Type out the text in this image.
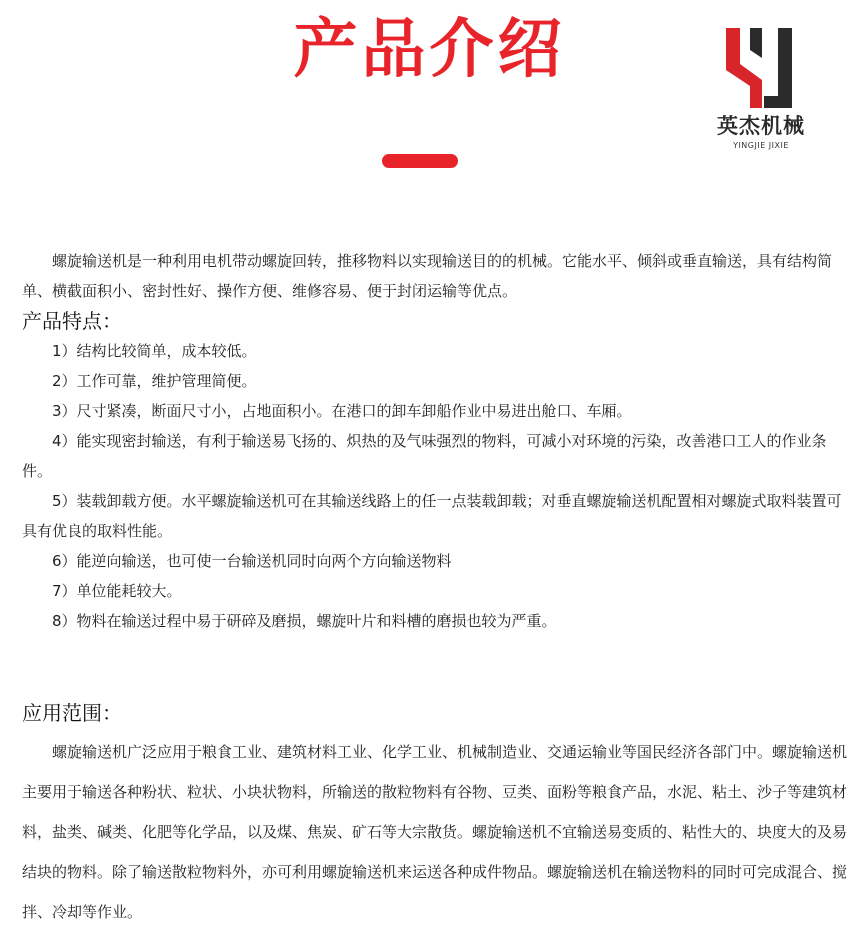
产品介绍
英杰机械
YINGJIE JIXIE
螺旋输送机是一种利用电机带动螺旋回转，推移物料以实现输送目的的机械。它能水平、倾斜或垂直输送，具有结构简单、横截面积小、密封性好、操作方便、维修容易、便于封闭运输等优点。
产品特点：

1）结构比较简单，成本较低。

2）工作可靠，维护管理简便。

3）尺寸紧凑，断面尺寸小，占地面积小。在港口的卸车卸船作业中易进出舱口、车厢。

4）能实现密封输送，有利于输送易飞扬的、炽热的及气味强烈的物料，可减小对环境的污染，改善港口工人的作业条件。

5）装载卸载方便。水平螺旋输送机可在其输送线路上的任一点装载卸载；对垂直螺旋输送机配置相对螺旋式取料装置可具有优良的取料性能。

6）能逆向输送，也可使一台输送机同时向两个方向输送物料

7）单位能耗较大。

8）物料在输送过程中易于研碎及磨损，螺旋叶片和料槽的磨损也较为严重。

应用范围：
螺旋输送机广泛应用于粮食工业、建筑材料工业、化学工业、机械制造业、交通运输业等国民经济各部门中。螺旋输送机主要用于输送各种粉状、粒状、小块状物料，所输送的散粒物料有谷物、豆类、面粉等粮食产品，水泥、粘土、沙子等建筑材料，盐类、碱类、化肥等化学品，以及煤、焦炭、矿石等大宗散货。螺旋输送机不宜输送易变质的、粘性大的、块度大的及易结块的物料。除了输送散粒物料外，亦可利用螺旋输送机来运送各种成件物品。螺旋输送机在输送物料的同时可完成混合、搅拌、冷却等作业。
